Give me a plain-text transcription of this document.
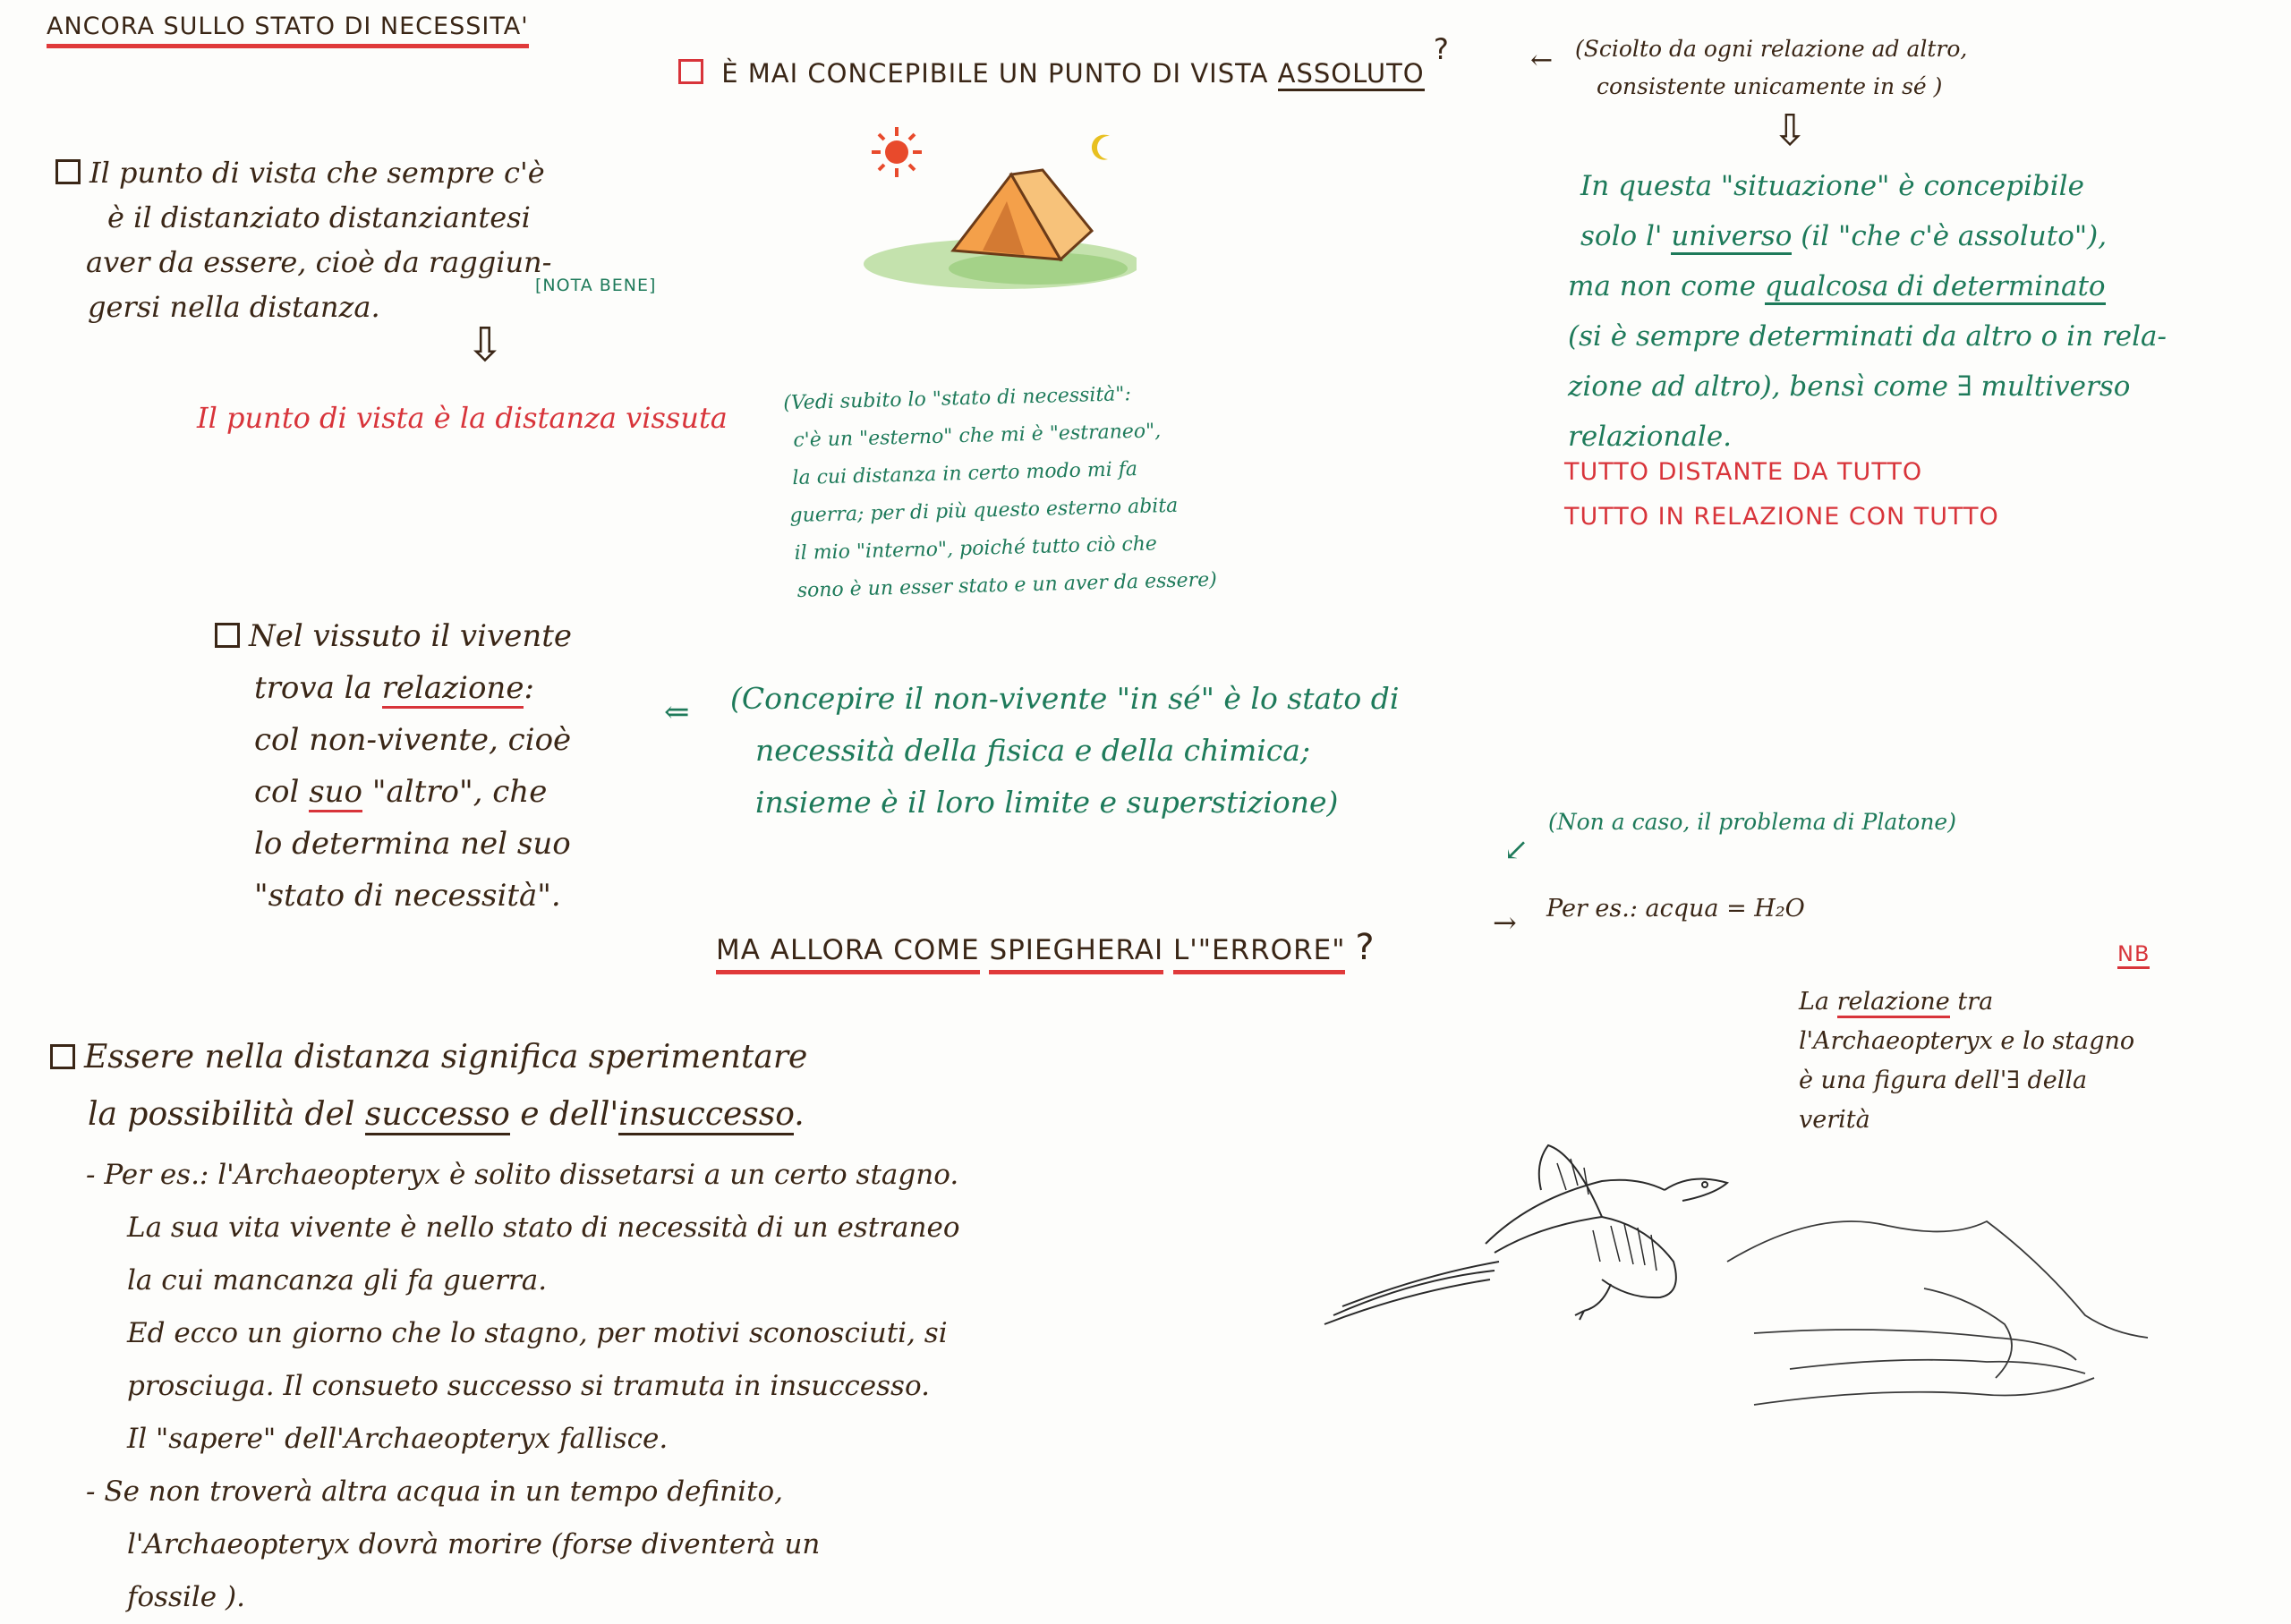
ANCORA SULLO STATO DI NECESSITA'
È MAI CONCEPIBILE UN PUNTO DI VISTA ASSOLUTO ?	← (Sciolto da ogni relazione ad altro,
consistente unicamente in sé )
Il punto di vista che sempre c'è
è il distanziato distanziantesi
aver da essere, cioè da raggiun-
gersi nella distanza.
[NOTA BENE]
⇩
Il punto di vista è la distanza vissuta
(Vedi subito lo "stato di necessità":
c'è un "esterno" che mi è "estraneo",
la cui distanza in certo modo mi fa
guerra; per di più questo esterno abita
il mio "interno", poiché tutto ciò che
sono è un esser stato e un aver da essere)
⇩
In questa "situazione" è concepibile
solo l' universo (il "che c'è assoluto"),
ma non come qualcosa di determinato
(si è sempre determinati da altro o in rela-
zione ad altro), bensì come ∃ multiverso
relazionale.
TUTTO DISTANTE DA TUTTO
TUTTO IN RELAZIONE CON TUTTO
Nel vissuto il vivente
trova la relazione:
col non-vivente, cioè
col suo "altro", che
lo determina nel suo
"stato di necessità".
⇐ (Concepire il non-vivente "in sé" è lo stato di
necessità della fisica e della chimica;
insieme è il loro limite e superstizione)
↙
(Non a caso, il problema di Platone)
MA ALLORA COME SPIEGHERAI L'"ERRORE" ?
→ Per es.: acqua = H₂O
NB
La relazione tra
l'Archaeopteryx e lo stagno
è una figura dell'∃ della
verità
Essere nella distanza significa sperimentare
la possibilità del successo e dell'insuccesso.
- Per es.: l'Archaeopteryx è solito dissetarsi a un certo stagno.
La sua vita vivente è nello stato di necessità di un estraneo
la cui mancanza gli fa guerra.
Ed ecco un giorno che lo stagno, per motivi sconosciuti, si
prosciuga. Il consueto successo si tramuta in insuccesso.
Il "sapere" dell'Archaeopteryx fallisce.
- Se non troverà altra acqua in un tempo definito,
l'Archaeopteryx dovrà morire (forse diventerà un
fossile ).
